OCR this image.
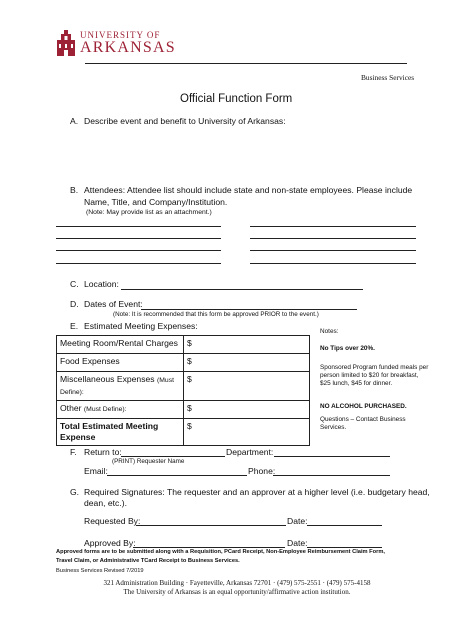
UNIVERSITY OF
ARKANSAS
Business Services
Official Function Form
A. Describe event and benefit to University of Arkansas:
B. Attendees: Attendee list should include state and non-state employees. Please include
Name, Title, and Company/Institution.
(Note: May provide list as an attachment.)
C. Location:
D. Dates of Event:
(Note: It is recommended that this form be approved PRIOR to the event.)
E. Estimated Meeting Expenses:
Meeting Room/Rental Charges	$
Food Expenses	$
Miscellaneous Expenses (Must Define):	$
Other (Must Define):	$
Total Estimated Meeting Expense	$
Notes:
No Tips over 20%.
Sponsored Program funded meals per person limited to $20 for breakfast, $25 lunch, $45 for dinner.
NO ALCOHOL PURCHASED.
Questions – Contact Business Services.
F. Return to:
(PRINT) Requester Name
Department:
Email:	Phone:
G. Required Signatures: The requester and an approver at a higher level (i.e. budgetary head,
dean, etc.).
Requested By:	Date:
Approved By:	Date:
Approved forms are to be submitted along with a Requisition, PCard Receipt, Non-Employee Reimbursement Claim Form,
Travel Claim, or Administrative TCard Receipt to Business Services.
Business Services Revised 7/2019
321 Administration Building · Fayetteville, Arkansas 72701 · (479) 575-2551 · (479) 575-4158
The University of Arkansas is an equal opportunity/affirmative action institution.
